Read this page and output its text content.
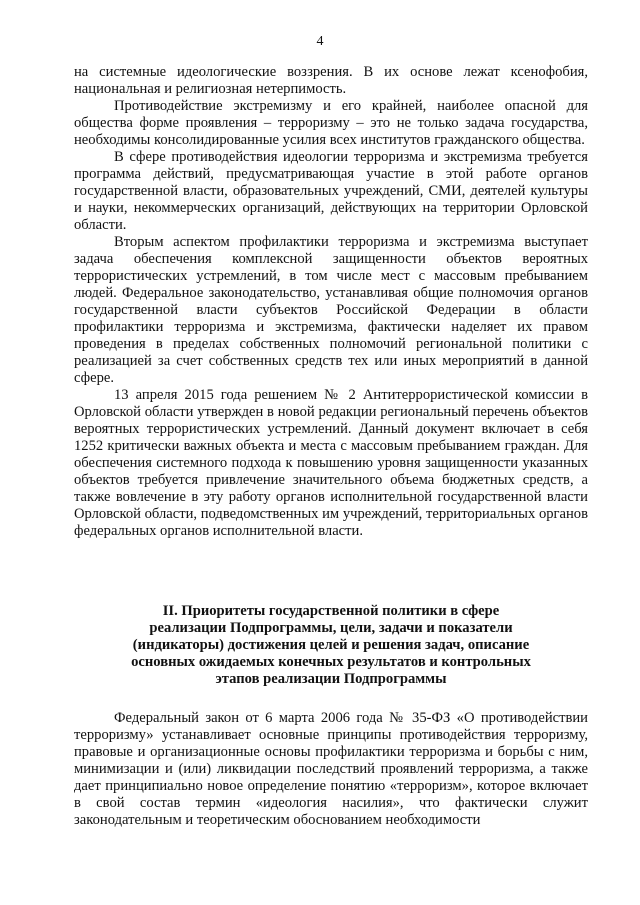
4

на системные идеологические воззрения. В их основе лежат ксенофобия, национальная и религиозная нетерпимость.

Противодействие экстремизму и его крайней, наиболее опасной для общества форме проявления – терроризму – это не только задача государства, необходимы консолидированные усилия всех институтов гражданского общества.

В сфере противодействия идеологии терроризма и экстремизма требуется программа действий, предусматривающая участие в этой работе органов государственной власти, образовательных учреждений, СМИ, деятелей культуры и науки, некоммерческих организаций, действующих на территории Орловской области.

Вторым аспектом профилактики терроризма и экстремизма выступает задача обеспечения комплексной защищенности объектов вероятных террористических устремлений, в том числе мест с массовым пребыванием людей. Федеральное законодательство, устанавливая общие полномочия органов государственной власти субъектов Российской Федерации в области профилактики терроризма и экстремизма, фактически наделяет их правом проведения в пределах собственных полномочий региональной политики с реализацией за счет собственных средств тех или иных мероприятий в данной сфере.

13 апреля 2015 года решением № 2 Антитеррористической комиссии в Орловской области утвержден в новой редакции региональный перечень объектов вероятных террористических устремлений. Данный документ включает в себя 1252 критически важных объекта и места с массовым пребыванием граждан. Для обеспечения системного подхода к повышению уровня защищенности указанных объектов требуется привлечение значительного объема бюджетных средств, а также вовлечение в эту работу органов исполнительной государственной власти Орловской области, подведомственных им учреждений, территориальных органов федеральных органов исполнительной власти.

II. Приоритеты государственной политики в сфере
реализации Подпрограммы, цели, задачи и показатели
(индикаторы) достижения целей и решения задач, описание
основных ожидаемых конечных результатов и контрольных
этапов реализации Подпрограммы

Федеральный закон от 6 марта 2006 года № 35-ФЗ «О противодействии терроризму» устанавливает основные принципы противодействия терроризму, правовые и организационные основы профилактики терроризма и борьбы с ним, минимизации и (или) ликвидации последствий проявлений терроризма, а также дает принципиально новое определение понятию «терроризм», которое включает в свой состав термин «идеология насилия», что фактически служит законодательным и теоретическим обоснованием необходимости
